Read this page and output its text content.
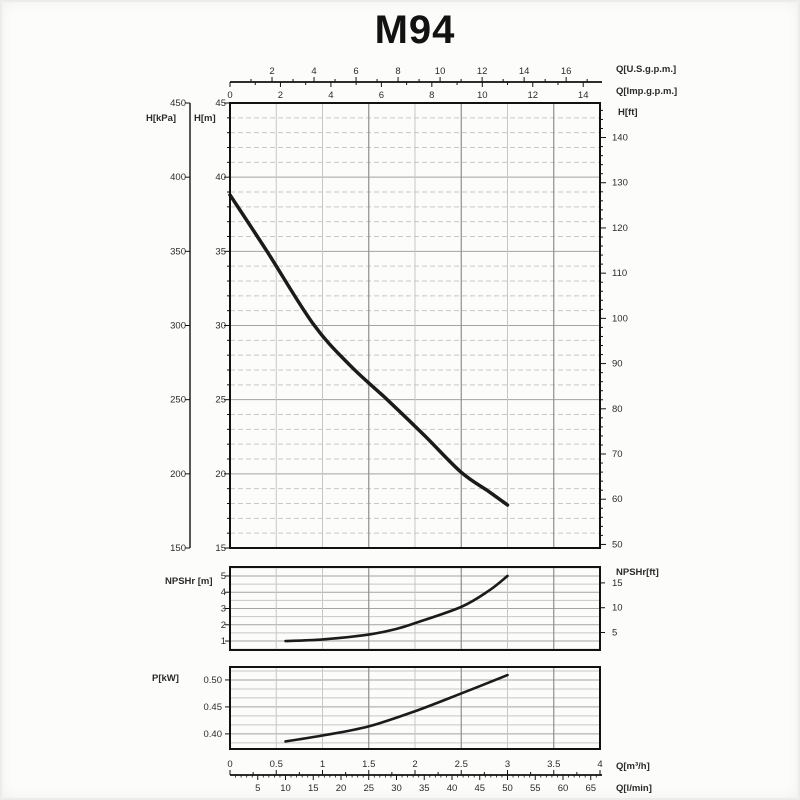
M94
15
20
25
30
35
40
45
H[m]
150
200
250
300
350
400
450
H[kPa]
50
60
70
80
90
100
110
120
130
140
H[ft]
2	4	6	8	10	12	14	16	Q[U.S.g.p.m.]
0	2	4	6	8	10	12	14	Q[Imp.g.p.m.]
1
2
3
4
5
NPSHr [m]
5
10
15
NPSHr[ft]
0.40
0.45
0.50
P[kW]
0	0.5	1	1.5	2	2.5	3	3.5	4 Q[m³/h]
5 10 15 20 25 30 35 40 45 50 55 60 65 Q[l/min]
